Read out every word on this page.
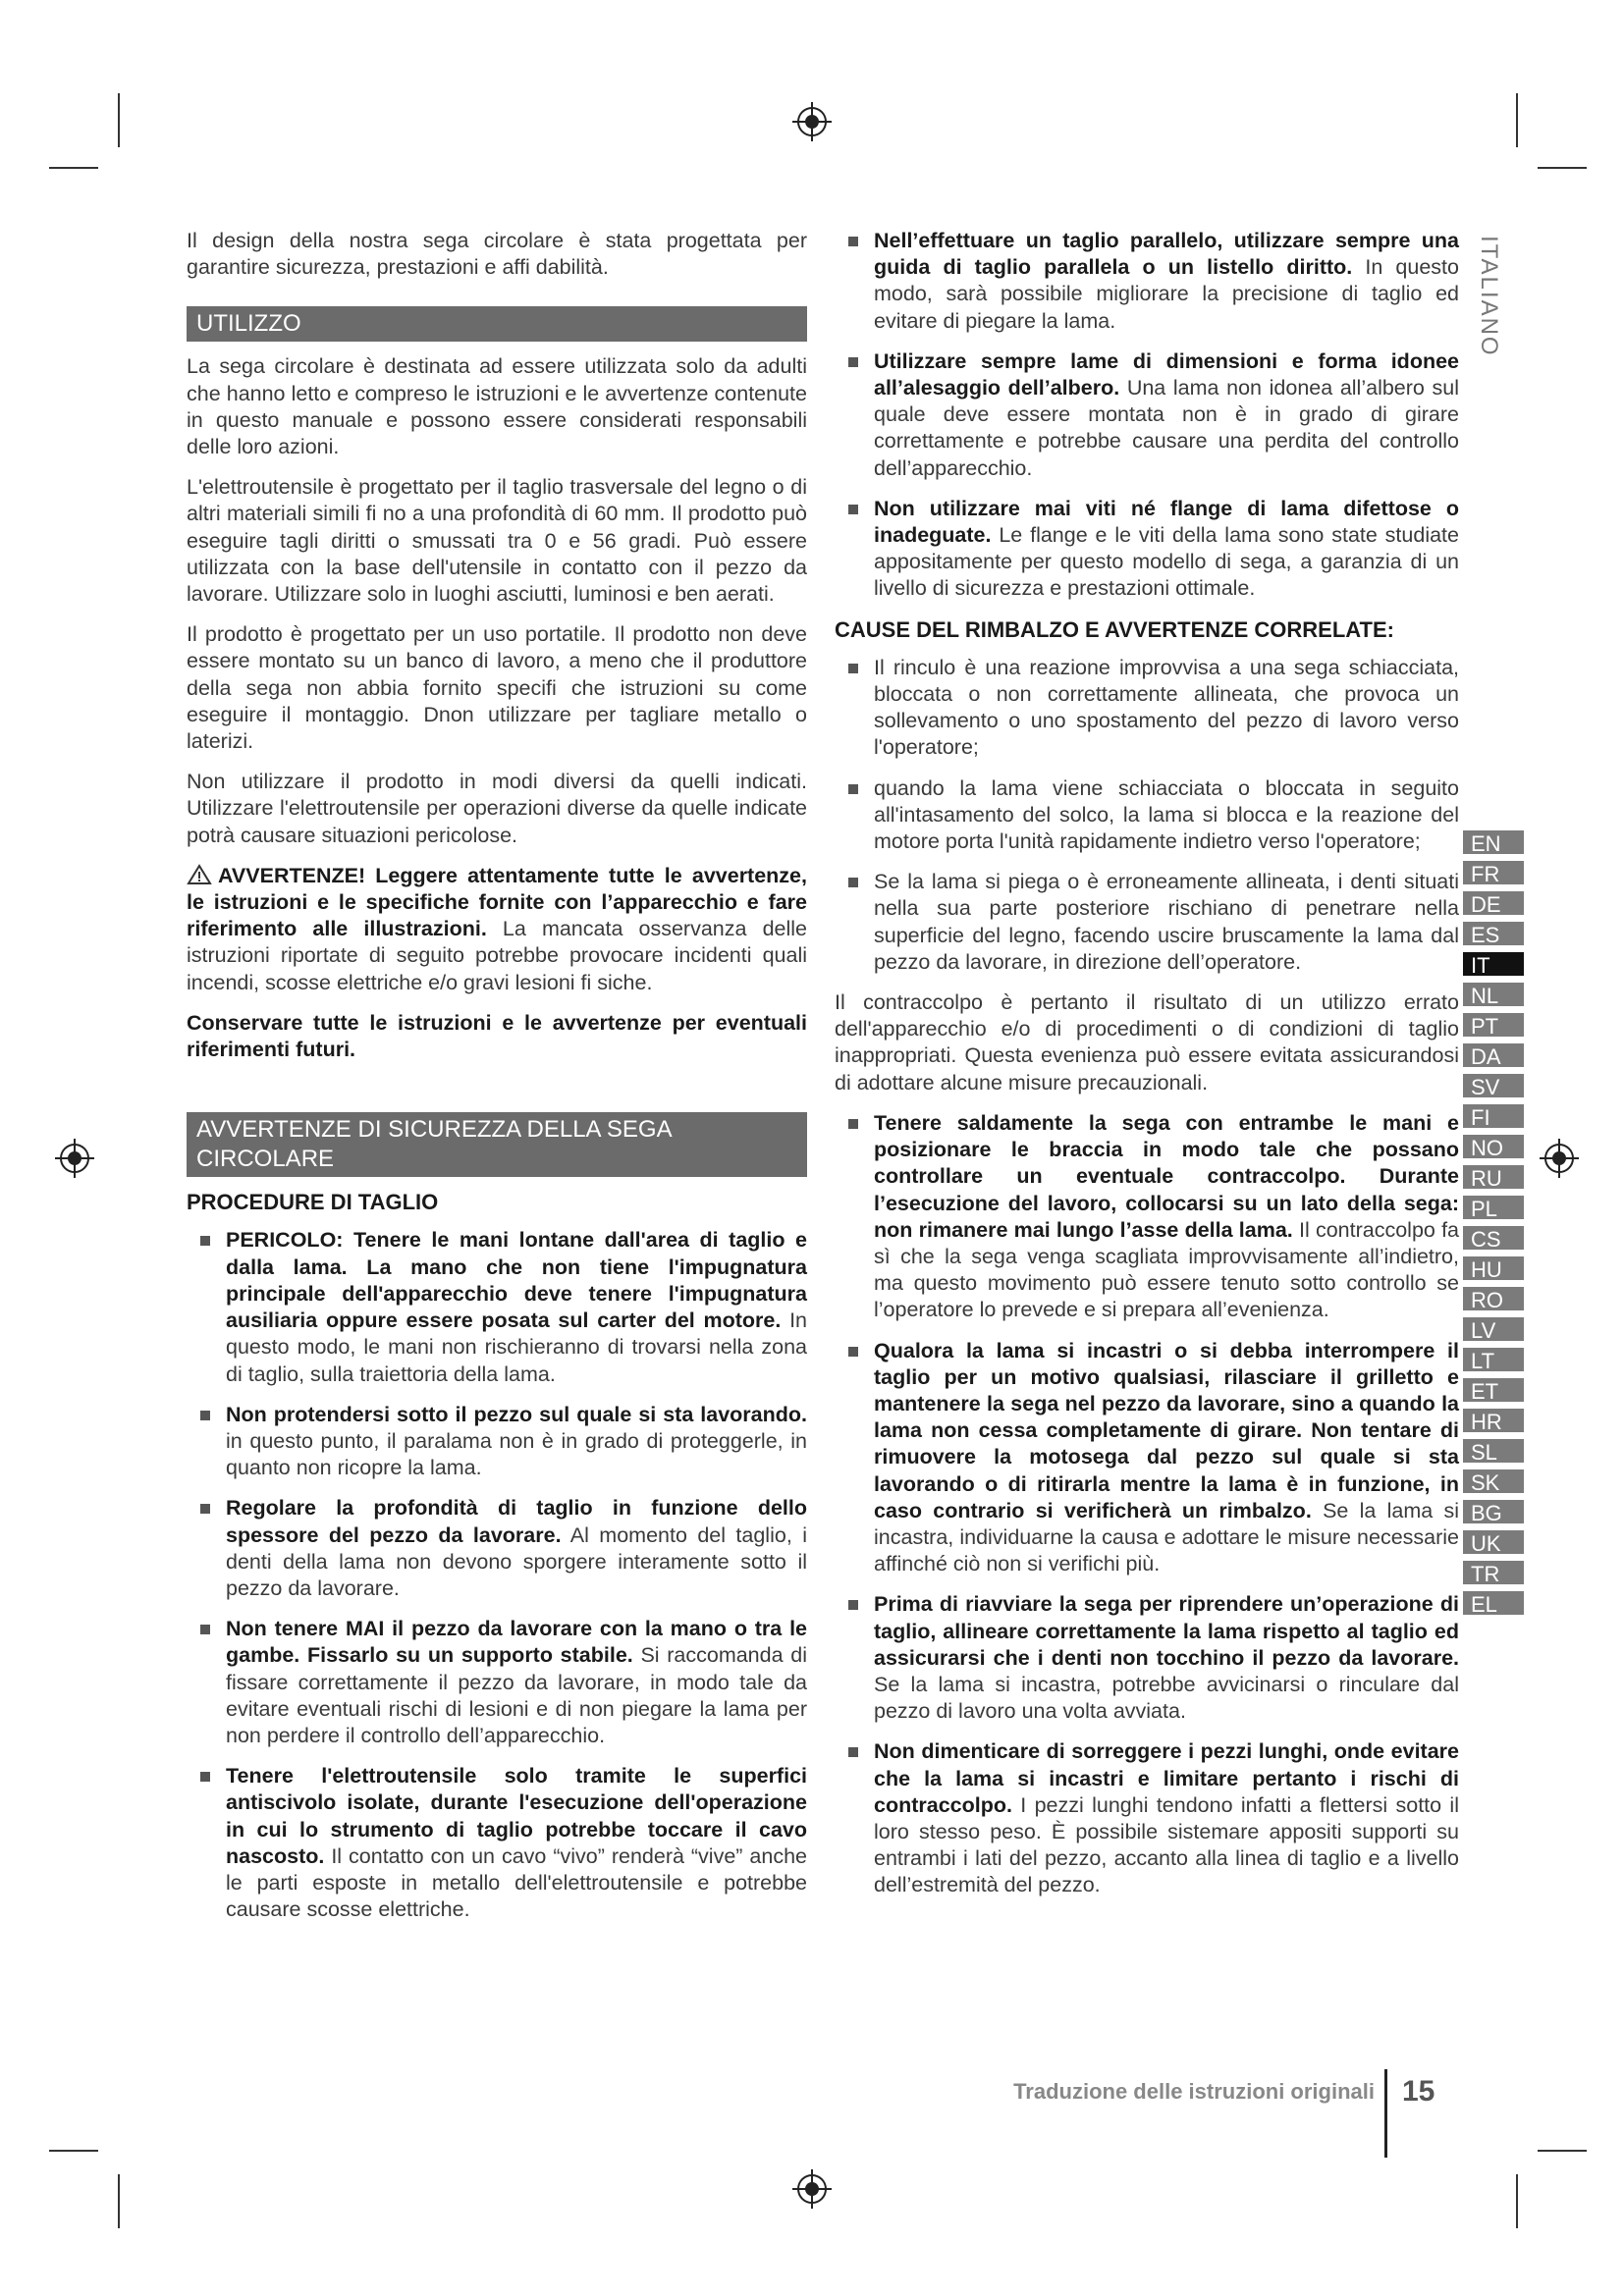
ITALIANO
EN
FR
DE
ES
IT
NL
PT
DA
SV
FI
NO
RU
PL
CS
HU
RO
LV
LT
ET
HR
SL
SK
BG
UK
TR
EL

Il design della nostra sega circolare è stata progettata per garantire sicurezza, prestazioni e affi dabilità.

UTILIZZO

La sega circolare è destinata ad essere utilizzata solo da adulti che hanno letto e compreso le istruzioni e le avvertenze contenute in questo manuale e possono essere considerati responsabili delle loro azioni.

L'elettroutensile è progettato per il taglio trasversale del legno o di altri materiali simili fi no a una profondità di 60 mm. Il prodotto può eseguire tagli diritti o smussati tra 0 e 56 gradi. Può essere utilizzata con la base dell'utensile in contatto con il pezzo da lavorare. Utilizzare solo in luoghi asciutti, luminosi e ben aerati.

Il prodotto è progettato per un uso portatile. Il prodotto non deve essere montato su un banco di lavoro, a meno che il produttore della sega non abbia fornito specifi che istruzioni su come eseguire il montaggio. Dnon utilizzare per tagliare metallo o laterizi.

Non utilizzare il prodotto in modi diversi da quelli indicati. Utilizzare l'elettroutensile per operazioni diverse da quelle indicate potrà causare situazioni pericolose.

AVVERTENZE! Leggere attentamente tutte le avvertenze, le istruzioni e le specifiche fornite con l’apparecchio e fare riferimento alle illustrazioni. La mancata osservanza delle istruzioni riportate di seguito potrebbe provocare incidenti quali incendi, scosse elettriche e/o gravi lesioni fi siche.

Conservare tutte le istruzioni e le avvertenze per eventuali riferimenti futuri.

AVVERTENZE DI SICUREZZA DELLA SEGA CIRCOLARE
PROCEDURE DI TAGLIO
PERICOLO: Tenere le mani lontane dall'area di taglio e dalla lama. La mano che non tiene l'impugnatura principale dell'apparecchio deve tenere l'impugnatura ausiliaria oppure essere posata sul carter del motore. In questo modo, le mani non rischieranno di trovarsi nella zona di taglio, sulla traiettoria della lama.
Non protendersi sotto il pezzo sul quale si sta lavorando. in questo punto, il paralama non è in grado di proteggerle, in quanto non ricopre la lama.
Regolare la profondità di taglio in funzione dello spessore del pezzo da lavorare. Al momento del taglio, i denti della lama non devono sporgere interamente sotto il pezzo da lavorare.
Non tenere MAI il pezzo da lavorare con la mano o tra le gambe. Fissarlo su un supporto stabile. Si raccomanda di fissare correttamente il pezzo da lavorare, in modo tale da evitare eventuali rischi di lesioni e di non piegare la lama per non perdere il controllo dell’apparecchio.
Tenere l'elettroutensile solo tramite le superfici antiscivolo isolate, durante l'esecuzione dell'operazione in cui lo strumento di taglio potrebbe toccare il cavo nascosto. Il contatto con un cavo “vivo” renderà “vive” anche le parti esposte in metallo dell'elettroutensile e potrebbe causare scosse elettriche.
Nell’effettuare un taglio parallelo, utilizzare sempre una guida di taglio parallela o un listello diritto. In questo modo, sarà possibile migliorare la precisione di taglio ed evitare di piegare la lama.
Utilizzare sempre lame di dimensioni e forma idonee all’alesaggio dell’albero. Una lama non idonea all’albero sul quale deve essere montata non è in grado di girare correttamente e potrebbe causare una perdita del controllo dell’apparecchio.
Non utilizzare mai viti né flange di lama difettose o inadeguate. Le flange e le viti della lama sono state studiate appositamente per questo modello di sega, a garanzia di un livello di sicurezza e prestazioni ottimale.
CAUSE DEL RIMBALZO E AVVERTENZE CORRELATE:
Il rinculo è una reazione improvvisa a una sega schiacciata, bloccata o non correttamente allineata, che provoca un sollevamento o uno spostamento del pezzo di lavoro verso l'operatore;
quando la lama viene schiacciata o bloccata in seguito all'intasamento del solco, la lama si blocca e la reazione del motore porta l'unità rapidamente indietro verso l'operatore;
Se la lama si piega o è erroneamente allineata, i denti situati nella sua parte posteriore rischiano di penetrare nella superficie del legno, facendo uscire bruscamente la lama dal pezzo da lavorare, in direzione dell’operatore.

Il contraccolpo è pertanto il risultato di un utilizzo errato dell'apparecchio e/o di procedimenti o di condizioni di taglio inappropriati. Questa evenienza può essere evitata assicurandosi di adottare alcune misure precauzionali.

Tenere saldamente la sega con entrambe le mani e posizionare le braccia in modo tale che possano controllare un eventuale contraccolpo. Durante l’esecuzione del lavoro, collocarsi su un lato della sega: non rimanere mai lungo l’asse della lama. Il contraccolpo fa sì che la sega venga scagliata improvvisamente all’indietro, ma questo movimento può essere tenuto sotto controllo se l’operatore lo prevede e si prepara all’evenienza.
Qualora la lama si incastri o si debba interrompere il taglio per un motivo qualsiasi, rilasciare il grilletto e mantenere la sega nel pezzo da lavorare, sino a quando la lama non cessa completamente di girare. Non tentare di rimuovere la motosega dal pezzo sul quale si sta lavorando o di ritirarla mentre la lama è in funzione, in caso contrario si verificherà un rimbalzo. Se la lama si incastra, individuarne la causa e adottare le misure necessarie affinché ciò non si verifichi più.
Prima di riavviare la sega per riprendere un’operazione di taglio, allineare correttamente la lama rispetto al taglio ed assicurarsi che i denti non tocchino il pezzo da lavorare. Se la lama si incastra, potrebbe avvicinarsi o rinculare dal pezzo di lavoro una volta avviata.
Non dimenticare di sorreggere i pezzi lunghi, onde evitare che la lama si incastri e limitare pertanto i rischi di contraccolpo. I pezzi lunghi tendono infatti a flettersi sotto il loro stesso peso. È possibile sistemare appositi supporti su entrambi i lati del pezzo, accanto alla linea di taglio e a livello dell’estremità del pezzo.
Traduzione delle istruzioni originali 15
